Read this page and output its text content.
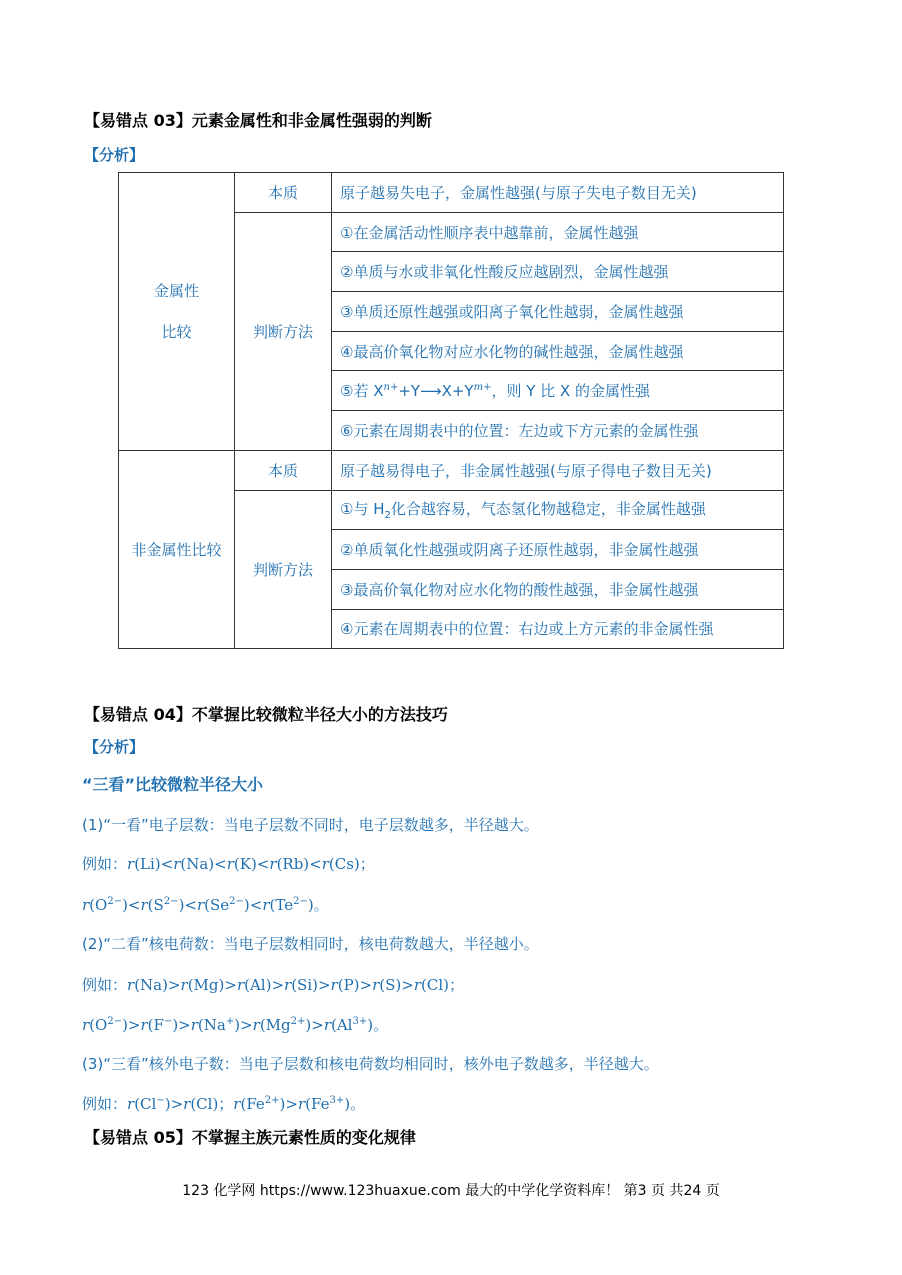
【易错点 03】元素金属性和非金属性强弱的判断
【分析】
金属性
比较	本质	原子越易失电子，金属性越强(与原子失电子数目无关)
	判断方法	①在金属活动性顺序表中越靠前，金属性越强
		②单质与水或非氧化性酸反应越剧烈，金属性越强
		③单质还原性越强或阳离子氧化性越弱，金属性越强
		④最高价氧化物对应水化物的碱性越强，金属性越强
		⑤若 $X^{n+}+Y⟶X+Y^{m+}$，则 Y 比 X 的金属性强
		⑥元素在周期表中的位置：左边或下方元素的金属性强
非金属性比较	本质	原子越易得电子，非金属性越强(与原子得电子数目无关)
	判断方法	①与 $H_2$化合越容易，气态氢化物越稳定，非金属性越强
		②单质氧化性越强或阴离子还原性越弱，非金属性越强
		③最高价氧化物对应水化物的酸性越强，非金属性越强
		④元素在周期表中的位置：右边或上方元素的非金属性强
【易错点 04】不掌握比较微粒半径大小的方法技巧
【分析】
“三看”比较微粒半径大小
(1)“一看”电子层数：当电子层数不同时，电子层数越多，半径越大。
例如：r(Li)<r(Na)<r(K)<r(Rb)<r(Cs)；
$r(O^{2-})<r(S^{2-})<r(Se^{2-})<r(Te^{2-})$。
(2)“二看”核电荷数：当电子层数相同时，核电荷数越大，半径越小。
例如：r(Na)>r(Mg)>r(Al)>r(Si)>r(P)>r(S)>r(Cl)；
$r(O^{2-})>r(F^-)>r(Na^+)>r(Mg^{2+})>r(Al^{3+})$。
(3)“三看”核外电子数：当电子层数和核电荷数均相同时，核外电子数越多，半径越大。
例如：r(Cl−)>r(Cl)；$r(Fe^{2+})>r(Fe^{3+})$。
【易错点 05】不掌握主族元素性质的变化规律
123 化学网 https://www.123huaxue.com 最大的中学化学资料库！ 第3 页 共24 页
